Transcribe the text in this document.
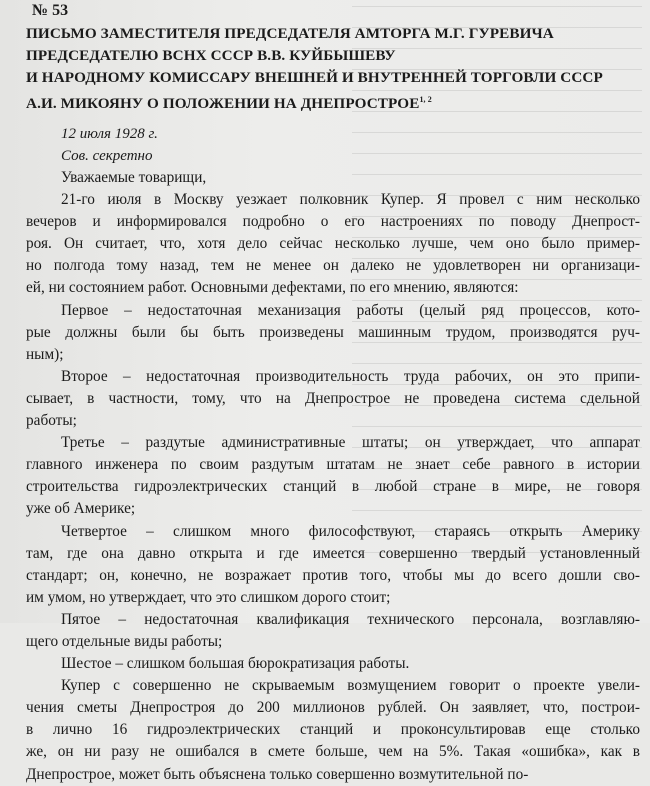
№ 53
ПИСЬМО ЗАМЕСТИТЕЛЯ ПРЕДСЕДАТЕЛЯ АМТОРГА М.Г. ГУРЕВИЧА
ПРЕДСЕДАТЕЛЮ ВСНХ СССР В.В. КУЙБЫШЕВУ
И НАРОДНОМУ КОМИССАРУ ВНЕШНЕЙ И ВНУТРЕННЕЙ ТОРГОВЛИ СССР
А.И. МИКОЯНУ О ПОЛОЖЕНИИ НА ДНЕПРОСТРОЕ$^{1, 2}$
12 июля 1928 г.
Сов. секретно
Уважаемые товарищи,

21-го июля в Москву уезжает полковник Купер. Я провел с ним несколько
вечеров и информировался подробно о его настроениях по поводу Днепрост-
роя. Он считает, что, хотя дело сейчас несколько лучше, чем оно было пример-
но полгода тому назад, тем не менее он далеко не удовлетворен ни организаци-
ей, ни состоянием работ. Основными дефектами, по его мнению, являются:

Первое – недостаточная механизация работы (целый ряд процессов, кото-
рые должны были бы быть произведены машинным трудом, производятся руч-
ным);

Второе – недостаточная производительность труда рабочих, он это припи-
сывает, в частности, тому, что на Днепрострое не проведена система сдельной
работы;

Третье – раздутые административные штаты; он утверждает, что аппарат
главного инженера по своим раздутым штатам не знает себе равного в истории
строительства гидроэлектрических станций в любой стране в мире, не говоря
уже об Америке;

Четвертое – слишком много философствуют, стараясь открыть Америку
там, где она давно открыта и где имеется совершенно твердый установленный
стандарт; он, конечно, не возражает против того, чтобы мы до всего дошли сво-
им умом, но утверждает, что это слишком дорого стоит;

Пятое – недостаточная квалификация технического персонала, возглавляю-
щего отдельные виды работы;

Шестое – слишком большая бюрократизация работы.

Купер с совершенно не скрываемым возмущением говорит о проекте увели-
чения сметы Днепростроя до 200 миллионов рублей. Он заявляет, что, построи-
в лично 16 гидроэлектрических станций и проконсультировав еще столько
же, он ни разу не ошибался в смете больше, чем на 5%. Такая «ошибка», как в
Днепрострое, может быть объяснена только совершенно возмутительной по-
